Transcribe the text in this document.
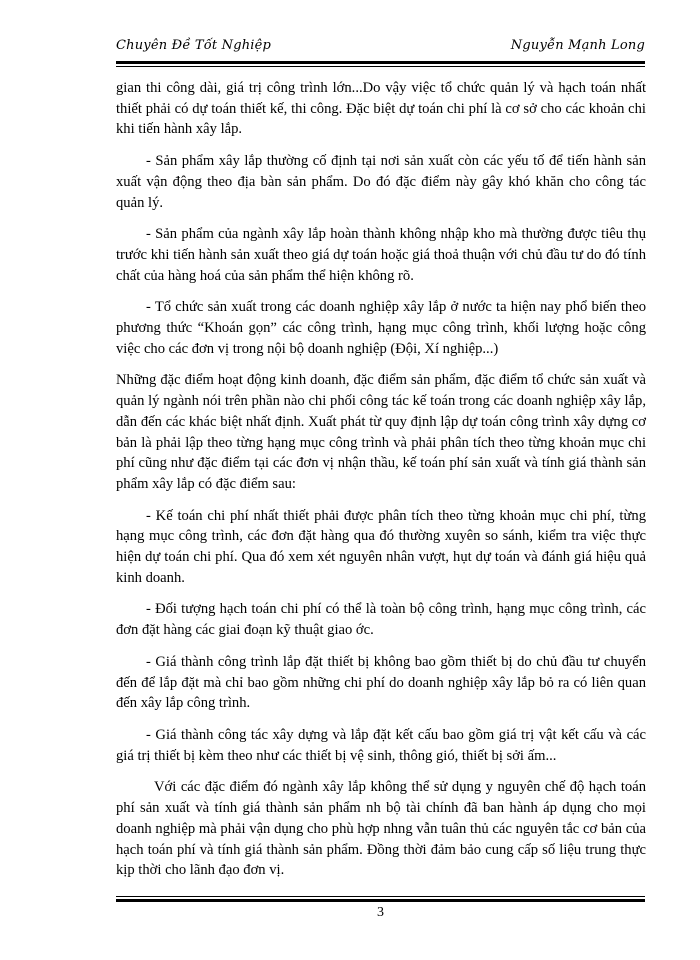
Chuyên Đề Tốt Nghiệp	Nguyễn Mạnh Long

gian thi công dài, giá trị công trình lớn...Do vậy việc tổ chức quản lý và hạch toán nhất thiết phải có dự toán thiết kế, thi công. Đặc biệt dự toán chi phí là cơ sở cho các khoản chi khi tiến hành xây lắp.

- Sản phẩm xây lắp thường cố định tại nơi sản xuất còn các yếu tố để tiến hành sản xuất vận động theo địa bàn sản phẩm. Do đó đặc điểm này gây khó khăn cho công tác quản lý.

- Sản phẩm của ngành xây lắp hoàn thành không nhập kho mà thường được tiêu thụ trước khi tiến hành sản xuất theo giá dự toán hoặc giá thoả thuận với chủ đầu tư do đó tính chất của hàng hoá của sản phẩm thể hiện không rõ.

- Tổ chức sản xuất trong các doanh nghiệp xây lắp ở nước ta hiện nay phổ biến theo phương thức “Khoán gọn” các công trình, hạng mục công trình, khối lượng hoặc công việc cho các đơn vị trong nội bộ doanh nghiệp (Đội, Xí nghiệp...)

Những đặc điểm hoạt động kinh doanh, đặc điểm sản phẩm, đặc điểm tổ chức sản xuất và quản lý ngành nói trên phần nào chi phối công tác kế toán trong các doanh nghiệp xây lắp, dẫn đến các khác biệt nhất định. Xuất phát từ quy định lập dự toán công trình xây dựng cơ bản là phải lập theo từng hạng mục công trình và phải phân tích theo từng khoản mục chi phí cũng như đặc điểm tại các đơn vị nhận thầu, kế toán phí sản xuất và tính giá thành sản phẩm xây lắp có đặc điểm sau:

- Kế toán chi phí nhất thiết phải được phân tích theo từng khoản mục chi phí, từng hạng mục công trình, các đơn đặt hàng qua đó thường xuyên so sánh, kiểm tra việc thực hiện dự toán chi phí. Qua đó xem xét nguyên nhân vượt, hụt dự toán và đánh giá hiệu quả kinh doanh.

- Đối tượng hạch toán chi phí có thể là toàn bộ công trình, hạng mục công trình, các đơn đặt hàng các giai đoạn kỹ thuật giao ớc.

- Giá thành công trình lắp đặt thiết bị không bao gồm thiết bị do chủ đầu tư chuyển đến để lắp đặt mà chỉ bao gồm những chi phí do doanh nghiệp xây lắp bỏ ra có liên quan đến xây lắp công trình.

- Giá thành công tác xây dựng và lắp đặt kết cấu bao gồm giá trị vật kết cấu và các giá trị thiết bị kèm theo như các thiết bị vệ sinh, thông gió, thiết bị sởi ấm...

Với các đặc điểm đó ngành xây lắp không thể sử dụng y nguyên chế độ hạch toán phí sản xuất và tính giá thành sản phẩm nh bộ tài chính đã ban hành áp dụng cho mọi doanh nghiệp mà phải vận dụng cho phù hợp nhng vẫn tuân thủ các nguyên tắc cơ bản của hạch toán phí và tính giá thành sản phẩm. Đồng thời đảm bảo cung cấp số liệu trung thực kịp thời cho lãnh đạo đơn vị.

3
